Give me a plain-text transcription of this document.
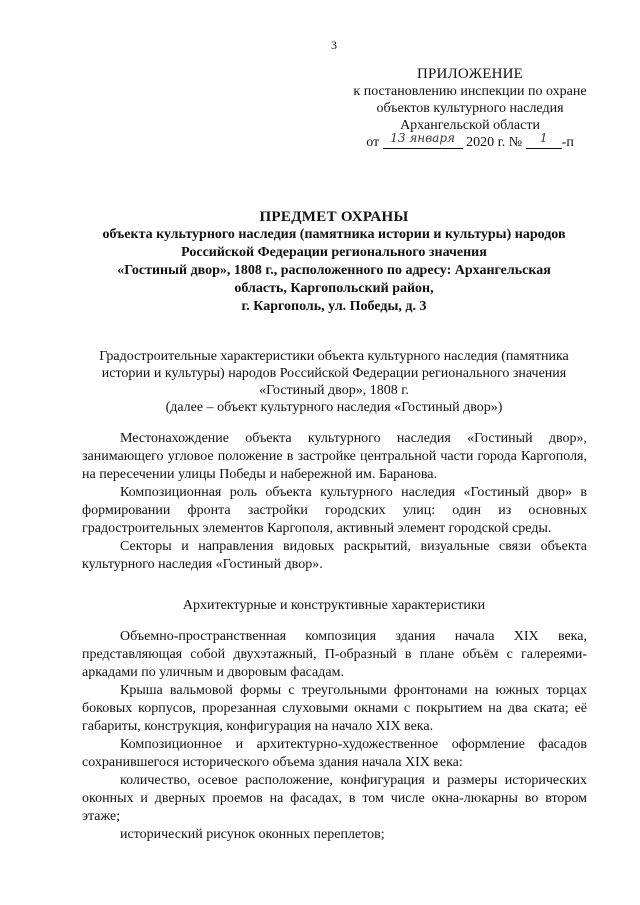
3
ПРИЛОЖЕНИЕ
к постановлению инспекции по охране
объектов культурного наследия
Архангельской области
от 13 января 2020 г. № 1 -п
ПРЕДМЕТ ОХРАНЫ
объекта культурного наследия (памятника истории и культуры) народов
Российской Федерации регионального значения
«Гостиный двор», 1808 г., расположенного по адресу: Архангельская
область, Каргопольский район,
г. Каргополь, ул. Победы, д. 3
Градостроительные характеристики объекта культурного наследия (памятника
истории и культуры) народов Российской Федерации регионального значения
«Гостиный двор», 1808 г.
(далее – объект культурного наследия «Гостиный двор»)

Местонахождение объекта культурного наследия «Гостиный двор», занимающего угловое положение в застройке центральной части города Каргополя, на пересечении улицы Победы и набережной им. Баранова.

Композиционная роль объекта культурного наследия «Гостиный двор» в формировании фронта застройки городских улиц: один из основных градостроительных элементов Каргополя, активный элемент городской среды.

Секторы и направления видовых раскрытий, визуальные связи объекта культурного наследия «Гостиный двор».

Архитектурные и конструктивные характеристики

Объемно-пространственная композиция здания начала XIX века, представляющая собой двухэтажный, П-образный в плане объём с галереями-аркадами по уличным и дворовым фасадам.

Крыша вальмовой формы с треугольными фронтонами на южных торцах боковых корпусов, прорезанная слуховыми окнами с покрытием на два ската; её габариты, конструкция, конфигурация на начало XIX века.

Композиционное и архитектурно-художественное оформление фасадов сохранившегося исторического объема здания начала XIX века:

количество, осевое расположение, конфигурация и размеры исторических оконных и дверных проемов на фасадах, в том числе окна-люкарны во втором этаже;

исторический рисунок оконных переплетов;
